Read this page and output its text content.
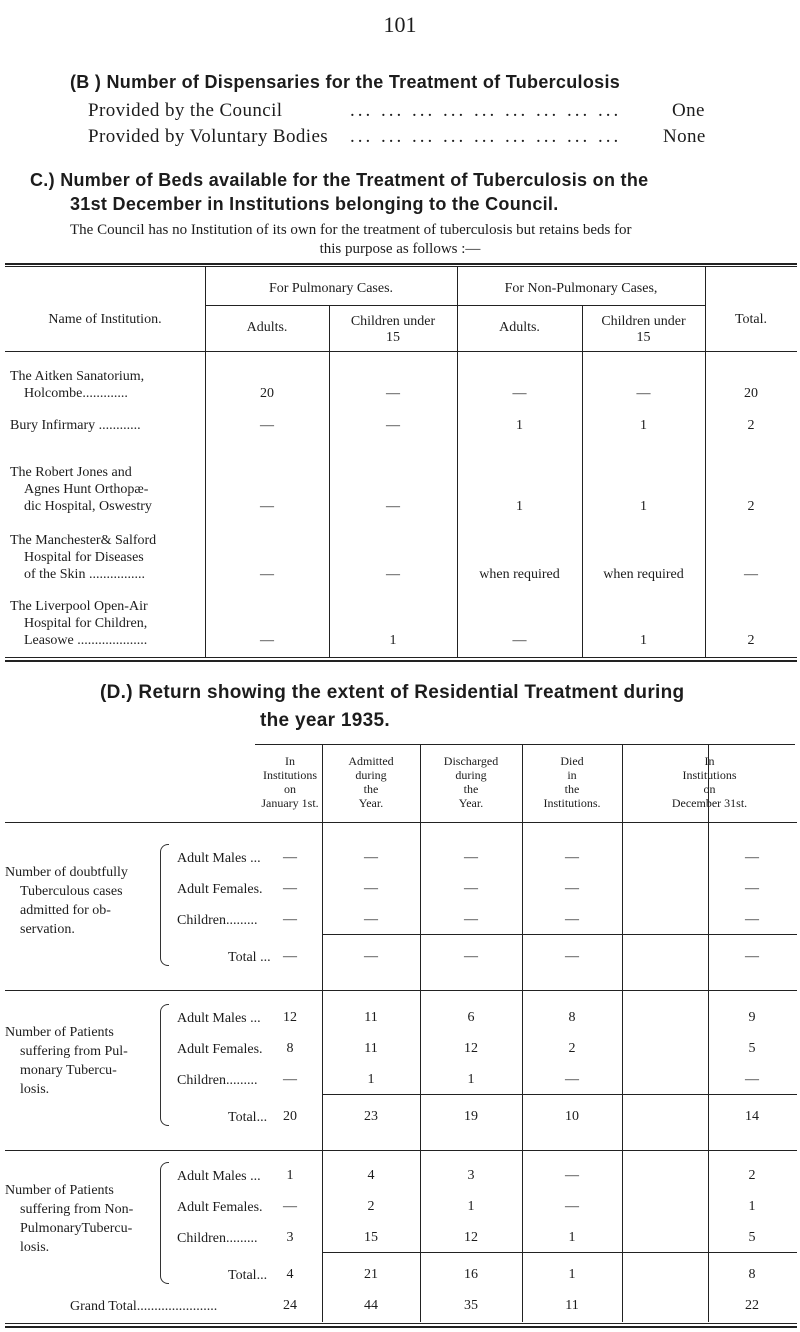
101
(B ) Number of Dispensaries for the Treatment of Tuberculosis
Provided by the Council	... ... ... ... ... ... ... ... ...	One
Provided by Voluntary Bodies ... ... ... ... ... ... ... ... ... None
C.) Number of Beds available for the Treatment of Tuberculosis on the
31st December in Institutions belonging to the Council.
The Council has no Institution of its own for the treatment of tuberculosis but retains beds for
this purpose as follows :—
Name of Institution.
For Pulmonary Cases.	For Non-Pulmonary Cases,
Total.
Adults.	Children under
15
Adults.	Children under
15
The Aitken Sanatorium,
Holcombe.............	20	—	—	—	20
Bury Infirmary ............	—	—	1	1	2
The Robert Jones and
Agnes Hunt Orthopæ-
dic Hospital, Oswestry	—	—	1	1	2
The Manchester& Salford
Hospital for Diseases
of the Skin ................	—	—	when required	when required	—
The Liverpool Open-Air
Hospital for Children,
Leasowe ....................	—	1	—	1	2
(D.) Return showing the extent of Residential Treatment during
the year 1935.
In
Institutions
on
January 1st.
Admitted
during
the
Year.
Discharged
during
the
Year.
Died
in
the
Institutions.
In
Institutions
on
December 31st.
Number of doubtfully
Tuberculous cases
admitted for ob-
servation.
Adult Males ...	—	—	—	—	—
Adult Females.	—	—	—	—	—
Children.........	—	—	—	—	—
Total ... —	—	—	—	—
Number of Patients
suffering from Pul-
monary Tubercu-
losis.
Adult Males ...	12	11	6	8	9
Adult Females.	8	11	12	2	5
Children.........	—	1	1	—	—
Total...	20	23	19	10	14
Number of Patients
suffering from Non-
PulmonaryTubercu-
losis.
Adult Males ...	1	4	3	—	2
Adult Females.	—	2	1	—	1
Children.........	3	15	12	1	5
Total...	4	21	16	1	8
Grand Total.......................	24	44	35	11	22
